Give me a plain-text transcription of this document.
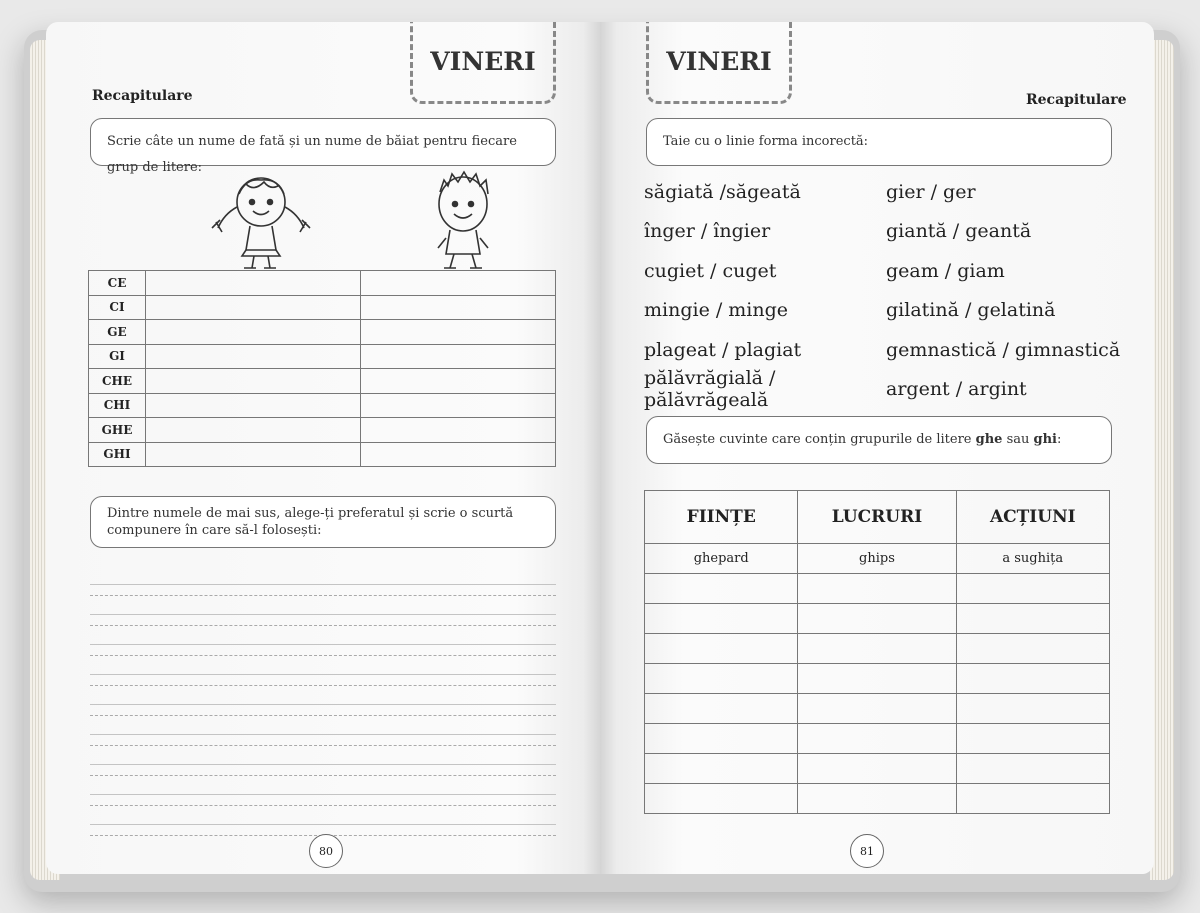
VINERI
Recapitulare
Scrie câte un nume de fată și un nume de băiat pentru fiecare grup de litere:
CE		
CI		
GE		
GI		
CHE		
CHI		
GHE		
GHI		
Dintre numele de mai sus, alege-ți preferatul și scrie o scurtă compunere în care să-l folosești:
80
VINERI
Recapitulare
Taie cu o linie forma incorectă:
săgiată /săgeată	gier / ger
înger / îngier	giantă / geantă
cugiet / cuget	geam / giam
mingie / minge	gilatină / gelatină
plageat / plagiat	gemnastică / gimnastică
pălăvrăgială / pălăvrăgeală	argent / argint
Găsește cuvinte care conțin grupurile de litere ghe sau ghi:
FIINȚE	LUCRURI	ACȚIUNI
ghepard	ghips	a sughița

81
